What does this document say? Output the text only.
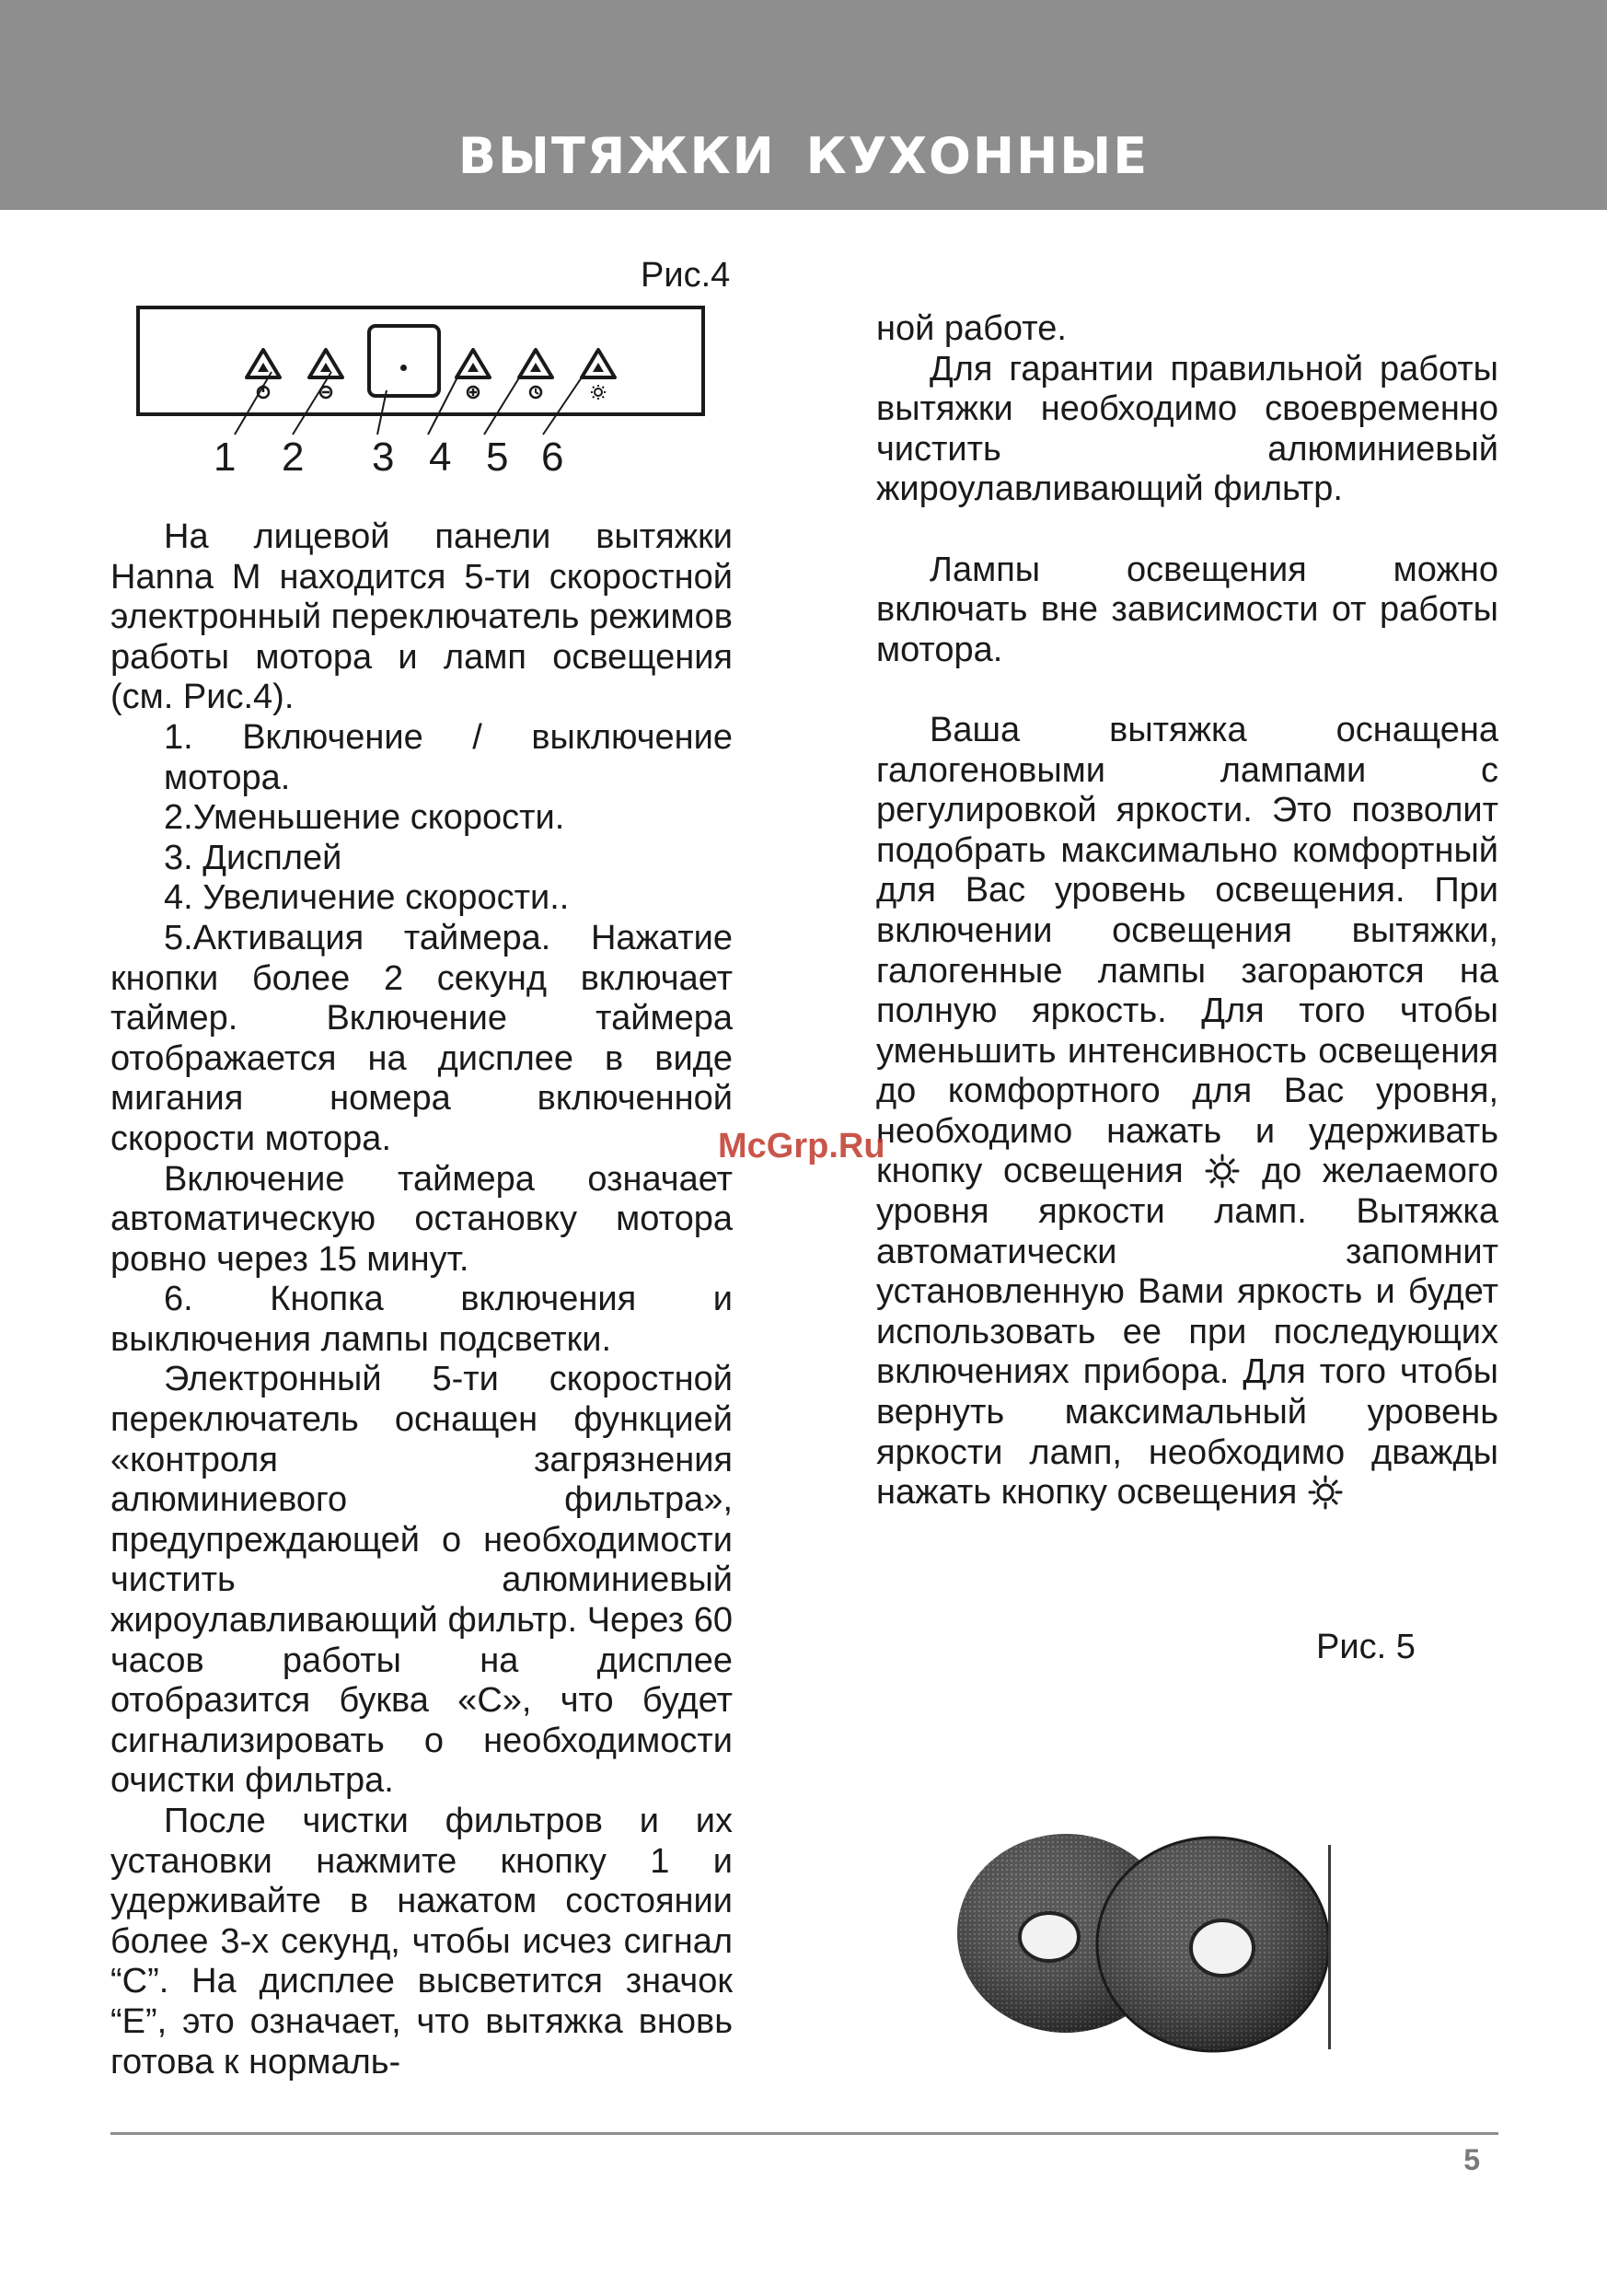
ВЫТЯЖКИ КУХОННЫЕ
Рис.4
1 2 3 4 5 6

На лицевой панели вытяжки Hanna M находится 5-ти скоростной электронный переключатель режимов работы мотора и ламп освещения (см. Рис.4).

1. Включение / выключение мотора.

2.Уменьшение скорости.

3. Дисплей

4. Увеличение скорости..

5.Активация таймера. Нажатие кнопки более 2 секунд включает таймер. Включение таймера отображается на дисплее в виде мигания номера включенной скорости мотора.

Включение таймера означает автоматическую остановку мотора ровно через 15 минут.

6. Кнопка включения и выключения лампы подсветки.

Электронный 5-ти скоростной переключатель оснащен функцией «контроля загрязнения алюминиевого фильтра», предупреждающей о необходимости чистить алюминиевый жироулавливающий фильтр. Через 60 часов работы на дисплее отобразится буква «С», что будет сигнализировать о необходимости очистки фильтра.

После чистки фильтров и их установки нажмите кнопку 1 и удерживайте в нажатом состоянии более 3-х секунд, чтобы исчез сигнал “С”. На дисплее высветится значок “Е”, это означает, что вытяжка вновь готова к нормаль-

ной работе.

Для гарантии правильной работы вытяжки необходимо своевременно чистить алюминиевый жироулавливающий фильтр.

Лампы освещения можно включать вне зависимости от работы мотора.

Ваша вытяжка оснащена галогеновыми лампами с регулировкой яркости. Это позволит подобрать максимально комфортный для Вас уровень освещения. При включении освещения вытяжки, галогенные лампы загораются на полную яркость. Для того чтобы уменьшить интенсивность освещения до комфортного для Вас уровня, необходимо нажать и удерживать кнопку освещения до желаемого уровня яркости ламп. Вытяжка автоматически запомнит установленную Вами яркость и будет использовать ее при последующих включениях прибора. Для того чтобы вернуть максимальный уровень яркости ламп, необходимо дважды нажать кнопку освещения

Рис. 5
McGrp.Ru
5
